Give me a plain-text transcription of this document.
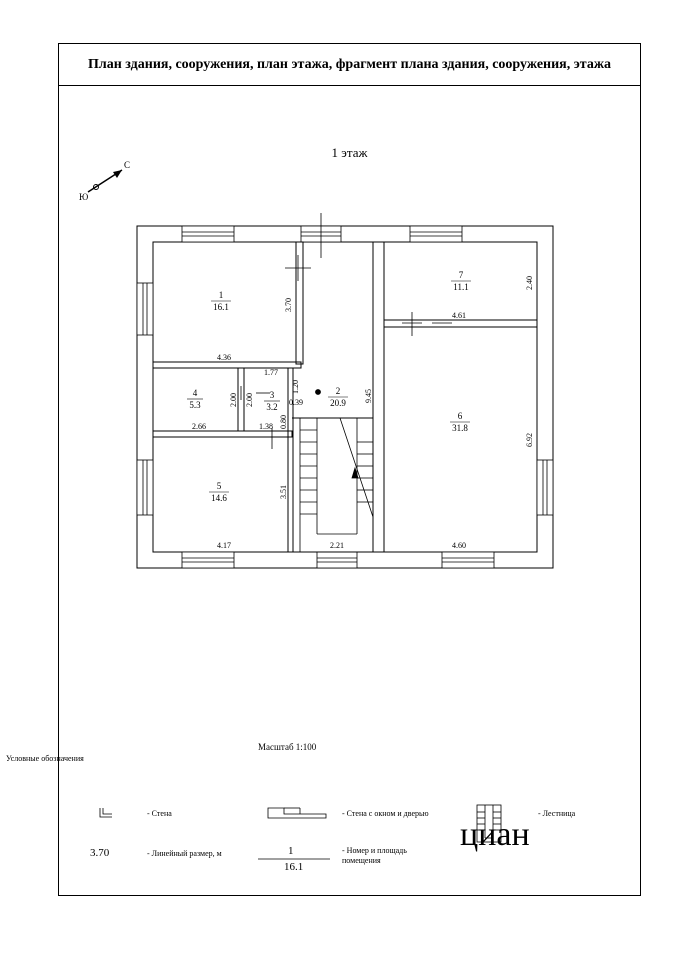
План здания, сооружения, план этажа, фрагмент плана здания, сооружения, этажа
1 этаж
С
Ю
1
16.1
2
20.9
3
3.2
4
5.3
5
14.6
6
31.8
7
11.1
4.36
3.70
4.61
2.40
1.77
1.20
0.39	9.45
2.00
2.66
2.00
1.38 0.80
6.92
4.60
3.51
4.17	2.21
циан
Масштаб 1:100
Условные обозначения
- Стена	- Стена с окном и дверью	- Лестница
3.70	- Линейный размер, м	1
16.1
- Номер и площадь помещения
